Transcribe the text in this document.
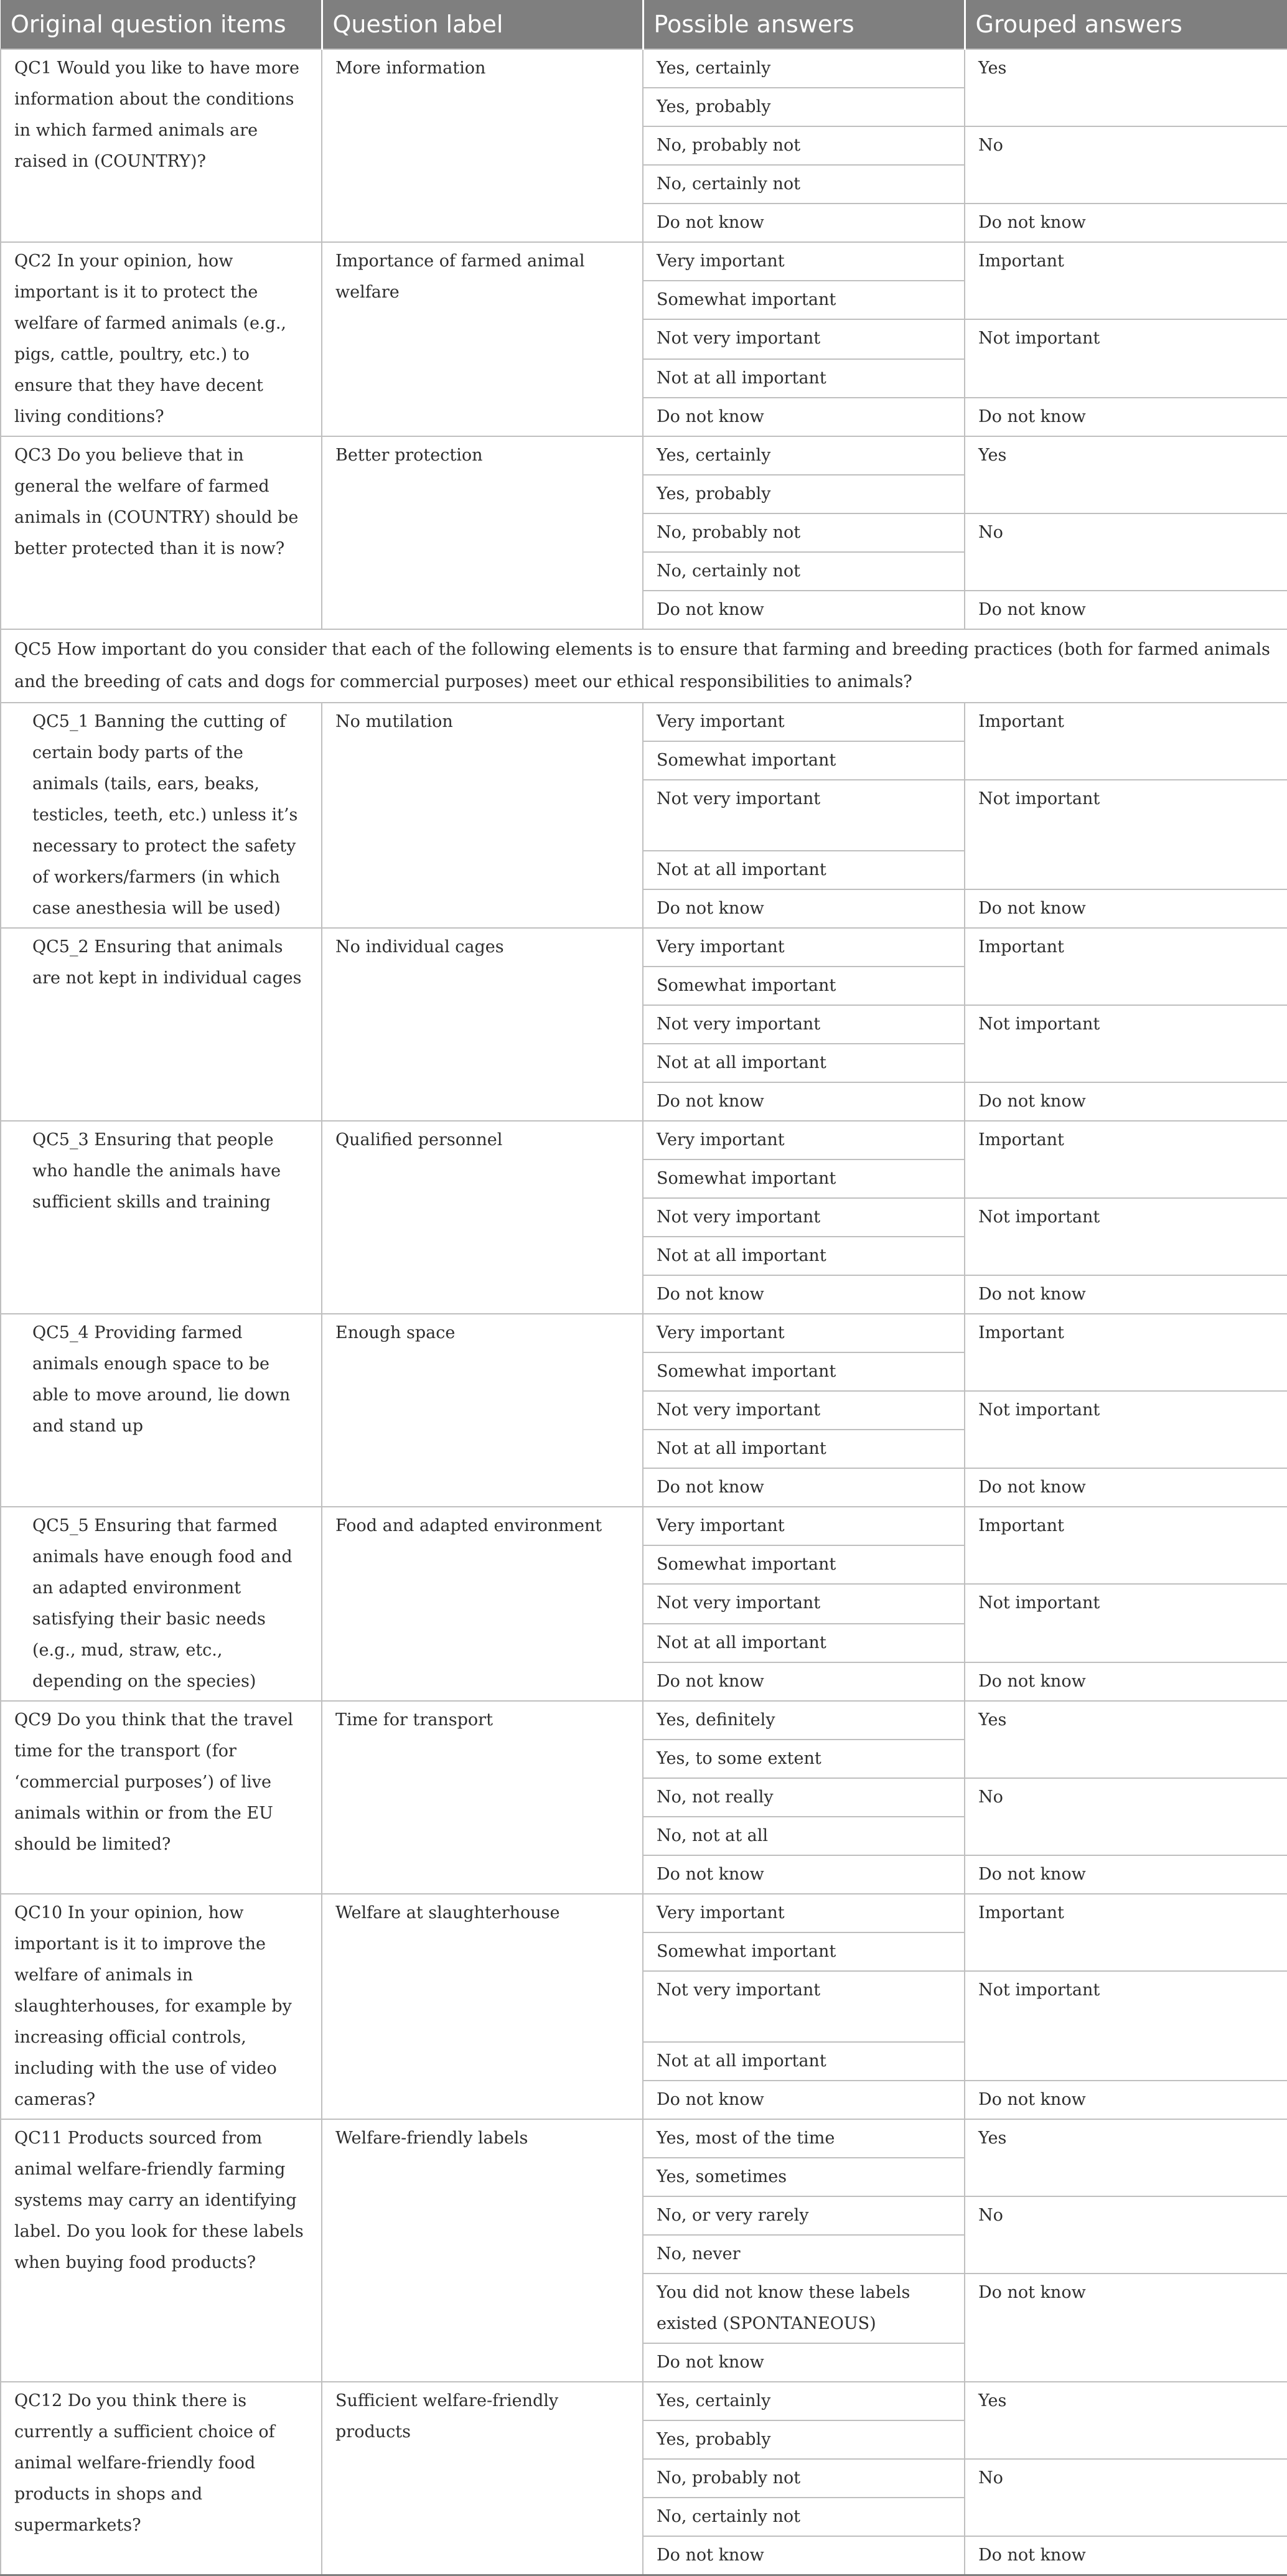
Original question items	Question label	Possible answers	Grouped answers
QC1 Would you like to have more information about the conditions in which farmed animals are raised in (COUNTRY)?	More information	Yes, certainly	Yes
		Yes, probably	
		No, probably not	No
		No, certainly not	
		Do not know	Do not know
QC2 In your opinion, how important is it to protect the welfare of farmed animals (e.g., pigs, cattle, poultry, etc.) to ensure that they have decent living conditions?	Importance of farmed animal welfare	Very important	Important
		Somewhat important	
		Not very important	Not important
		Not at all important	
		Do not know	Do not know
QC3 Do you believe that in general the welfare of farmed animals in (COUNTRY) should be better protected than it is now?	Better protection	Yes, certainly	Yes
		Yes, probably	
		No, probably not	No
		No, certainly not	
		Do not know	Do not know
QC5 How important do you consider that each of the following elements is to ensure that farming and breeding practices (both for farmed animals and the breeding of cats and dogs for commercial purposes) meet our ethical responsibilities to animals?			
QC5_1 Banning the cutting of certain body parts of the animals (tails, ears, beaks, testicles, teeth, etc.) unless it’s necessary to protect the safety of workers/farmers (in which case anesthesia will be used)	No mutilation	Very important	Important
		Somewhat important	
		Not very important	Not important
		Not at all important	
		Do not know	Do not know
QC5_2 Ensuring that animals are not kept in individual cages	No individual cages	Very important	Important
		Somewhat important	
		Not very important	Not important
		Not at all important	
		Do not know	Do not know
QC5_3 Ensuring that people who handle the animals have sufficient skills and training	Qualified personnel	Very important	Important
		Somewhat important	
		Not very important	Not important
		Not at all important	
		Do not know	Do not know
QC5_4 Providing farmed animals enough space to be able to move around, lie down and stand up	Enough space	Very important	Important
		Somewhat important	
		Not very important	Not important
		Not at all important	
		Do not know	Do not know
QC5_5 Ensuring that farmed animals have enough food and an adapted environment satisfying their basic needs (e.g., mud, straw, etc., depending on the species)	Food and adapted environment	Very important	Important
		Somewhat important	
		Not very important	Not important
		Not at all important	
		Do not know	Do not know
QC9 Do you think that the travel time for the transport (for ‘commercial purposes’) of live animals within or from the EU should be limited?	Time for transport	Yes, definitely	Yes
		Yes, to some extent	
		No, not really	No
		No, not at all	
		Do not know	Do not know
QC10 In your opinion, how important is it to improve the welfare of animals in slaughterhouses, for example by increasing official controls, including with the use of video cameras?	Welfare at slaughterhouse	Very important	Important
		Somewhat important	
		Not very important	Not important
		Not at all important	
		Do not know	Do not know
QC11 Products sourced from animal welfare-friendly farming systems may carry an identifying label. Do you look for these labels when buying food products?	Welfare-friendly labels	Yes, most of the time	Yes
		Yes, sometimes	
		No, or very rarely	No
		No, never	
		You did not know these labels existed (SPONTANEOUS)	Do not know
		Do not know	
QC12 Do you think there is currently a sufficient choice of animal welfare-friendly food products in shops and supermarkets?	Sufficient welfare-friendly products	Yes, certainly	Yes
		Yes, probably	
		No, probably not	No
		No, certainly not	
		Do not know	Do not know
